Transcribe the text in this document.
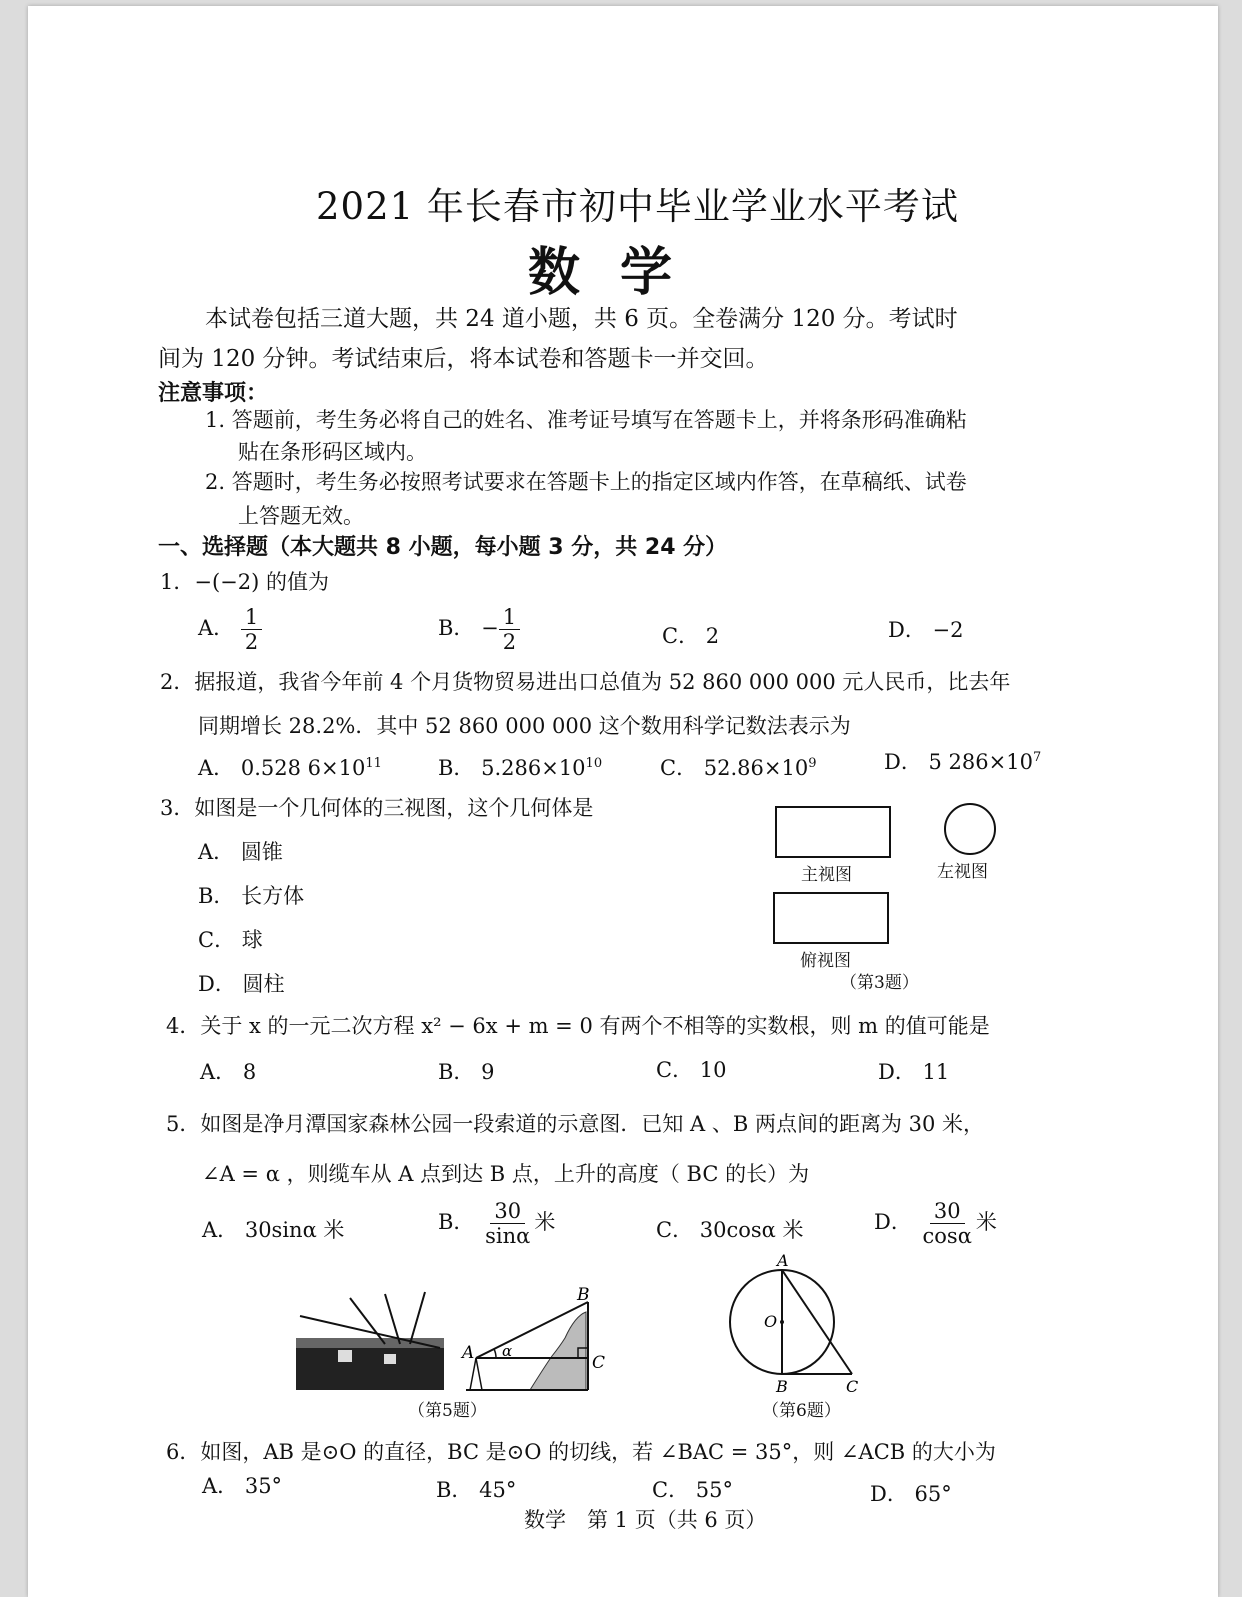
2021 年长春市初中毕业学业水平考试
数学
本试卷包括三道大题，共 24 道小题，共 6 页。全卷满分 120 分。考试时
间为 120 分钟。考试结束后，将本试卷和答题卡一并交回。
注意事项：
1. 答题前，考生务必将自己的姓名、准考证号填写在答题卡上，并将条形码准确粘
贴在条形码区域内。
2. 答题时，考生务必按照考试要求在答题卡上的指定区域内作答，在草稿纸、试卷
上答题无效。
一、选择题（本大题共 8 小题，每小题 3 分，共 24 分）
1．−(−2) 的值为
A． $\frac{1}{2}$	B． − $\frac{1}{2}$	C． 2	D． −2
2．据报道，我省今年前 4 个月货物贸易进出口总值为 52 860 000 000 元人民币，比去年
同期增长 28.2%．其中 52 860 000 000 这个数用科学记数法表示为
A． 0.528 $6\times 10^{11}$	B． $5.286\times 10^{10}$	C． $52.86\times 10^9$	D． 5 $286\times 10^7$
3．如图是一个几何体的三视图，这个几何体是
A． 圆锥
B． 长方体
C． 球
D． 圆柱
主视图	左视图
俯视图
（第3题）
4．关于 x 的一元二次方程 x² − 6x + m = 0 有两个不相等的实数根，则 m 的值可能是
A． 8	B． 9	C． 10	D． 11
5．如图是净月潭国家森林公园一段索道的示意图．已知 A 、B 两点间的距离为 30 米，
∠A = α ，则缆车从 A 点到达 B 点，上升的高度（ BC 的长）为
A． 30sinα 米	B． $\frac{30}{\sin\alpha}$ 米	C． 30cosα 米	D． $\frac{30}{\cos\alpha}$ 米
A
B
C
α
（第5题）
A
O
B	C
（第6题）
6．如图，AB 是⊙O 的直径，BC 是⊙O 的切线，若 ∠BAC = 35°，则 ∠ACB 的大小为
A． 35°	B． 45°	C． 55°	D． 65°
数学　第 1 页（共 6 页）
